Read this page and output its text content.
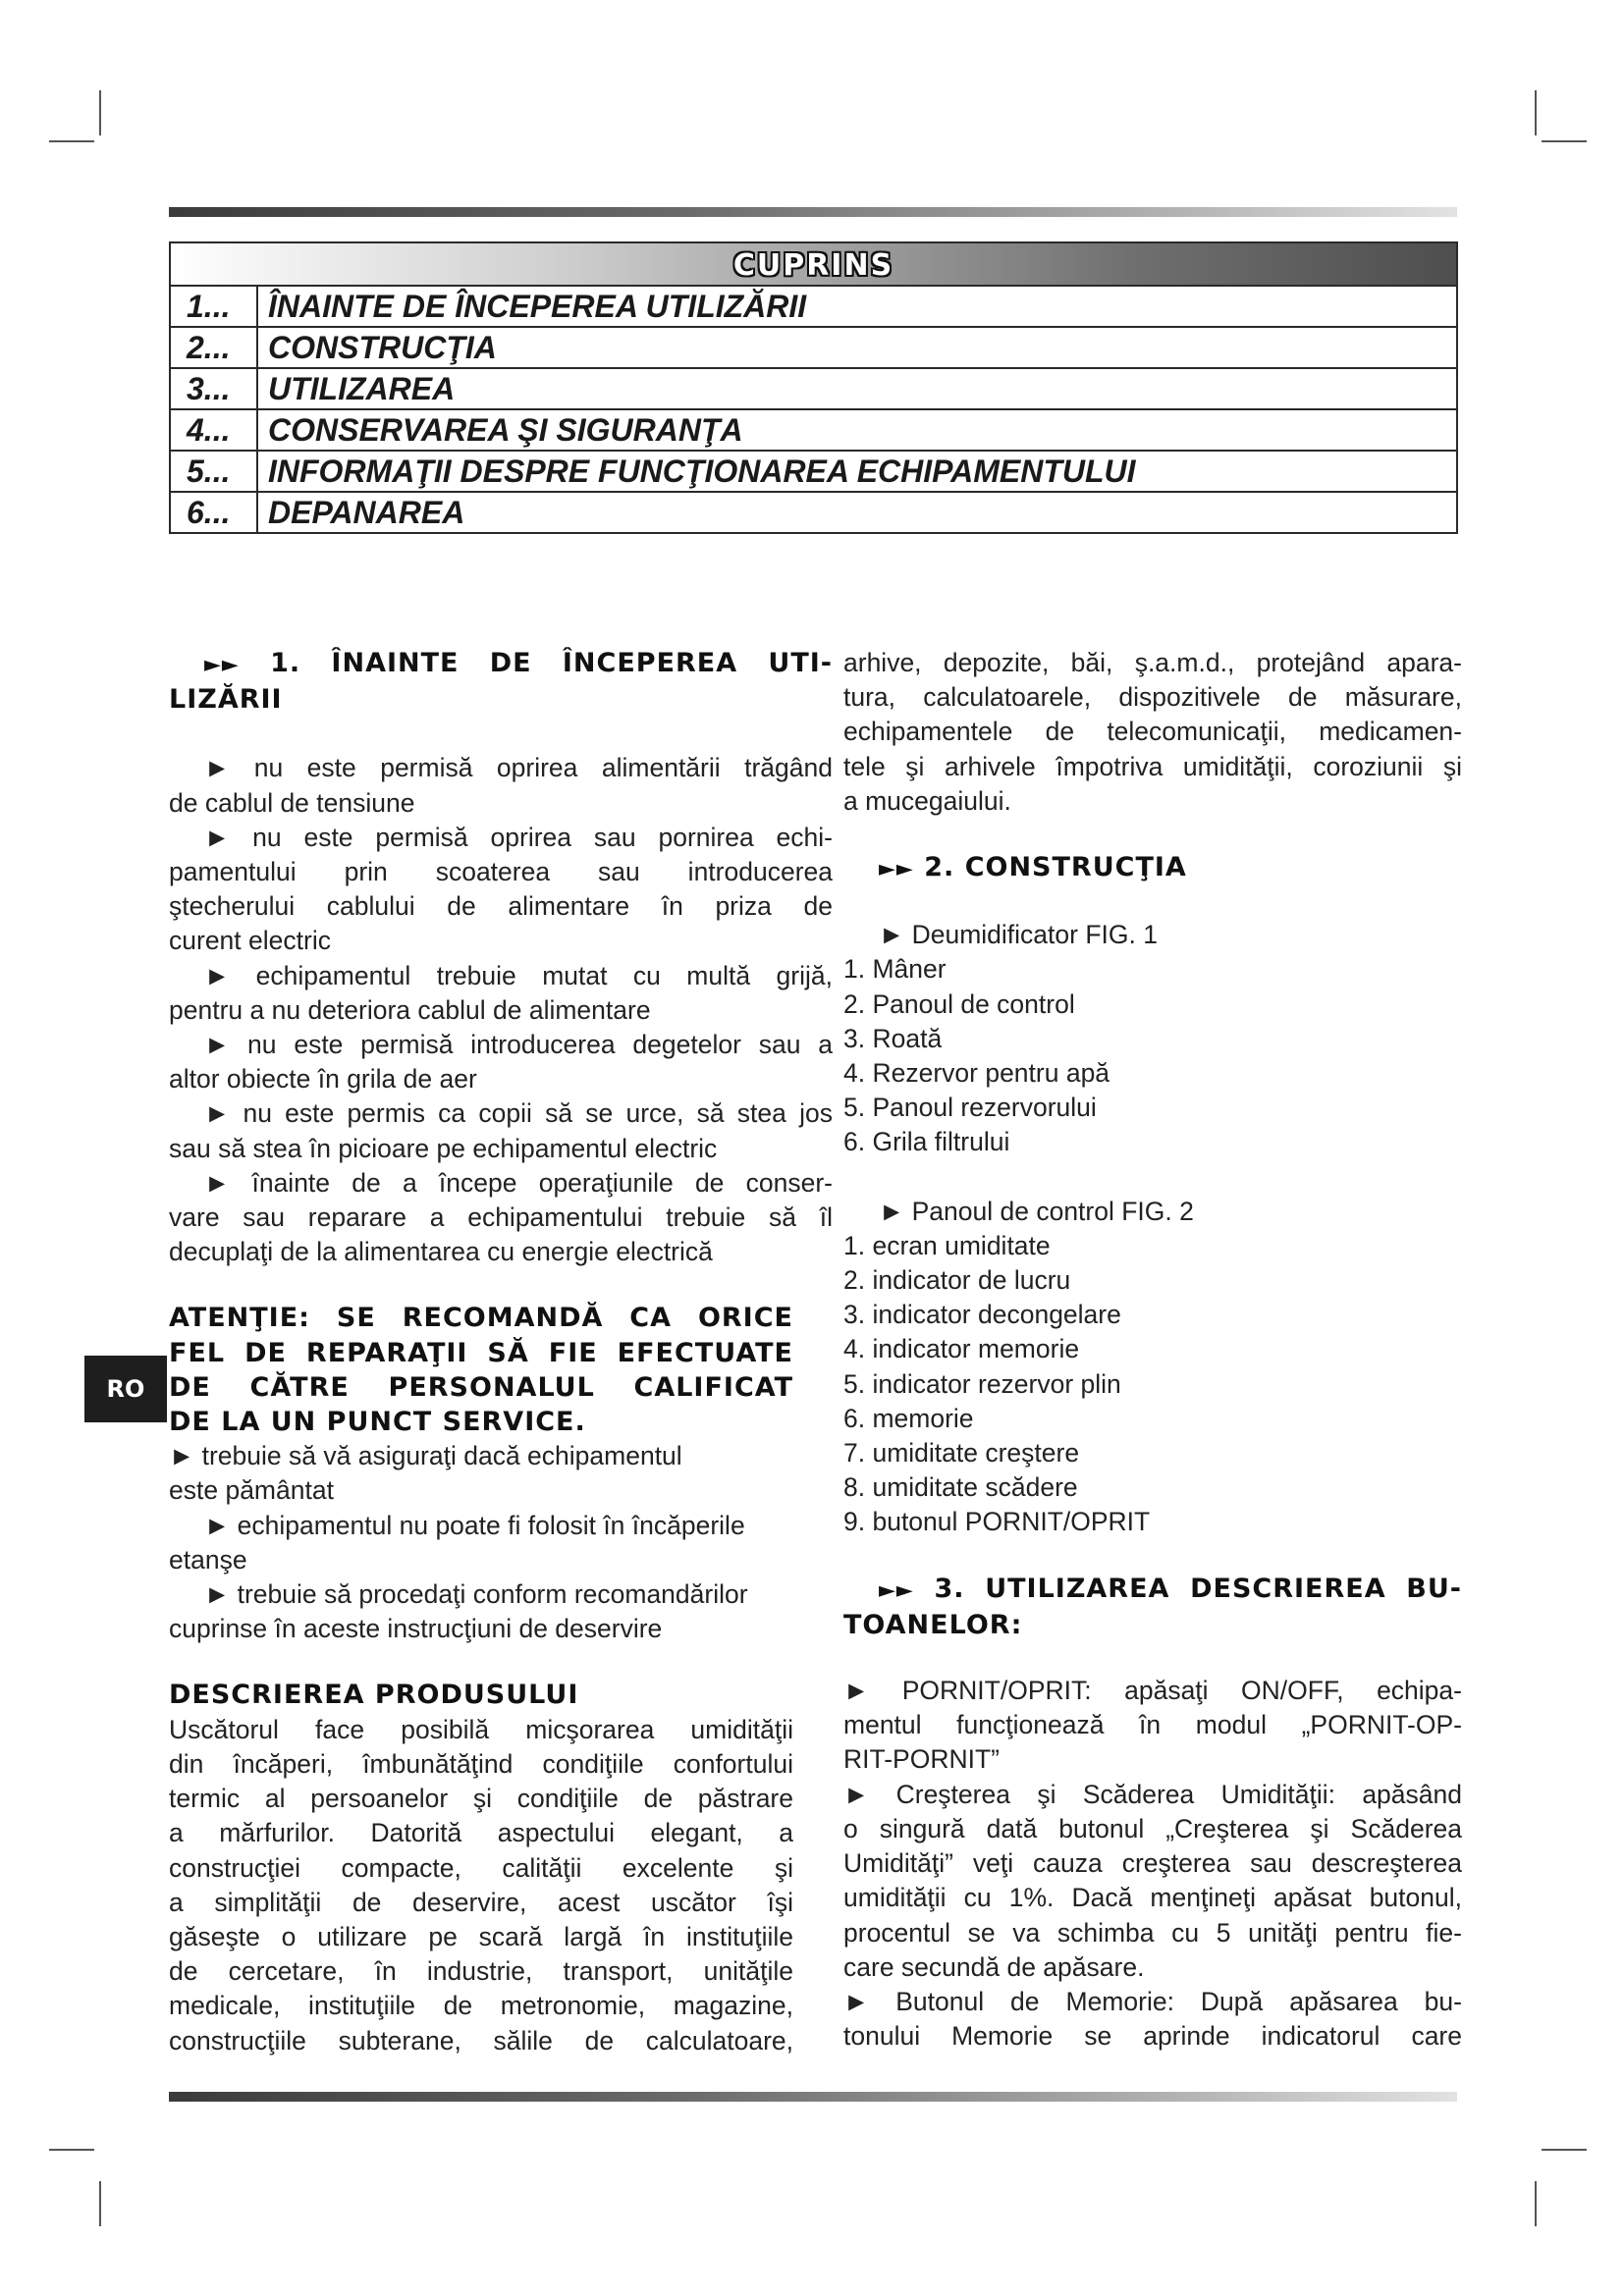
CUPRINS	
1...	ÎNAINTE DE ÎNCEPEREA UTILIZĂRII
2...	CONSTRUCŢIA
3...	UTILIZAREA
4...	CONSERVAREA ŞI SIGURANŢA
5...	INFORMAŢII DESPRE FUNCŢIONAREA ECHIPAMENTULUI
6...	DEPANAREA
RO

►► 1. ÎNAINTE DE ÎNCEPEREA UTI-

LIZĂRII

► nu este permisă oprirea alimentării trăgând

de cablul de tensiune

► nu este permisă oprirea sau pornirea echi-

pamentului prin scoaterea sau introducerea

ştecherului cablului de alimentare în priza de

curent electric

► echipamentul trebuie mutat cu multă grijă,

pentru a nu deteriora cablul de alimentare

► nu este permisă introducerea degetelor sau a

altor obiecte în grila de aer

► nu este permis ca copii să se urce, să stea jos

sau să stea în picioare pe echipamentul electric

► înainte de a începe operaţiunile de conser-

vare sau reparare a echipamentului trebuie să îl

decuplaţi de la alimentarea cu energie electrică

ATENŢIE: SE RECOMANDĂ CA ORICE

FEL DE REPARAŢII SĂ FIE EFECTUATE

DE CĂTRE PERSONALUL CALIFICAT

DE LA UN PUNCT SERVICE.

► trebuie să vă asiguraţi dacă echipamentul

este pământat

► echipamentul nu poate fi folosit în încăperile

etanşe

► trebuie să procedaţi conform recomandărilor

cuprinse în aceste instrucţiuni de deservire

DESCRIEREA PRODUSULUI

Uscătorul face posibilă micşorarea umidităţii

din încăperi, îmbunătăţind condiţiile confortului

termic al persoanelor şi condiţiile de păstrare

a mărfurilor. Datorită aspectului elegant, a

construcţiei compacte, calităţii excelente şi

a simplităţii de deservire, acest uscător îşi

găseşte o utilizare pe scară largă în instituţiile

de cercetare, în industrie, transport, unităţile

medicale, instituţiile de metronomie, magazine,

construcţiile subterane, sălile de calculatoare,

arhive, depozite, băi, ş.a.m.d., protejând apara-

tura, calculatoarele, dispozitivele de măsurare,

echipamentele de telecomunicaţii, medicamen-

tele şi arhivele împotriva umidităţii, coroziunii şi

a mucegaiului.

►► 2. CONSTRUCŢIA

► Deumidificator FIG. 1

1. Mâner

2. Panoul de control

3. Roată

4. Rezervor pentru apă

5. Panoul rezervorului

6. Grila filtrului

► Panoul de control FIG. 2

1. ecran umiditate

2. indicator de lucru

3. indicator decongelare

4. indicator memorie

5. indicator rezervor plin

6. memorie

7. umiditate creştere

8. umiditate scădere

9. butonul PORNIT/OPRIT

►► 3. UTILIZAREA DESCRIEREA BU-

TOANELOR:

► PORNIT/OPRIT: apăsaţi ON/OFF, echipa-

mentul funcţionează în modul „PORNIT-OP-

RIT-PORNIT”

► Creşterea şi Scăderea Umidităţii: apăsând

o singură dată butonul „Creşterea şi Scăderea

Umidităţi” veţi cauza creşterea sau descreşterea

umidităţii cu 1%. Dacă menţineţi apăsat butonul,

procentul se va schimba cu 5 unităţi pentru fie-

care secundă de apăsare.

► Butonul de Memorie: După apăsarea bu-

tonului Memorie se aprinde indicatorul care
